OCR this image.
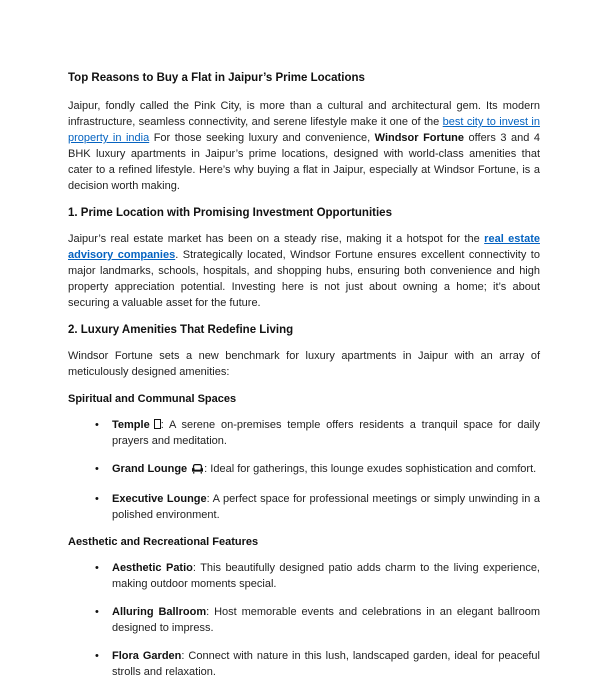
Top Reasons to Buy a Flat in Jaipur’s Prime Locations

Jaipur, fondly called the Pink City, is more than a cultural and architectural gem. Its modern infrastructure, seamless connectivity, and serene lifestyle make it one of the best city to invest in property in india For those seeking luxury and convenience, Windsor Fortune offers 3 and 4 BHK luxury apartments in Jaipur’s prime locations, designed with world-class amenities that cater to a refined lifestyle. Here’s why buying a flat in Jaipur, especially at Windsor Fortune, is a decision worth making.

1. Prime Location with Promising Investment Opportunities

Jaipur’s real estate market has been on a steady rise, making it a hotspot for the real estate advisory companies. Strategically located, Windsor Fortune ensures excellent connectivity to major landmarks, schools, hospitals, and shopping hubs, ensuring both convenience and high property appreciation potential. Investing here is not just about owning a home; it’s about securing a valuable asset for the future.

2. Luxury Amenities That Redefine Living

Windsor Fortune sets a new benchmark for luxury apartments in Jaipur with an array of meticulously designed amenities:

Spiritual and Communal Spaces
• Temple : A serene on-premises temple offers residents a tranquil space for daily prayers and meditation.
• Grand Lounge : Ideal for gatherings, this lounge exudes sophistication and comfort.
• Executive Lounge: A perfect space for professional meetings or simply unwinding in a polished environment.
Aesthetic and Recreational Features
• Aesthetic Patio: This beautifully designed patio adds charm to the living experience, making outdoor moments special.
• Alluring Ballroom: Host memorable events and celebrations in an elegant ballroom designed to impress.
• Flora Garden: Connect with nature in this lush, landscaped garden, ideal for peaceful strolls and relaxation.
